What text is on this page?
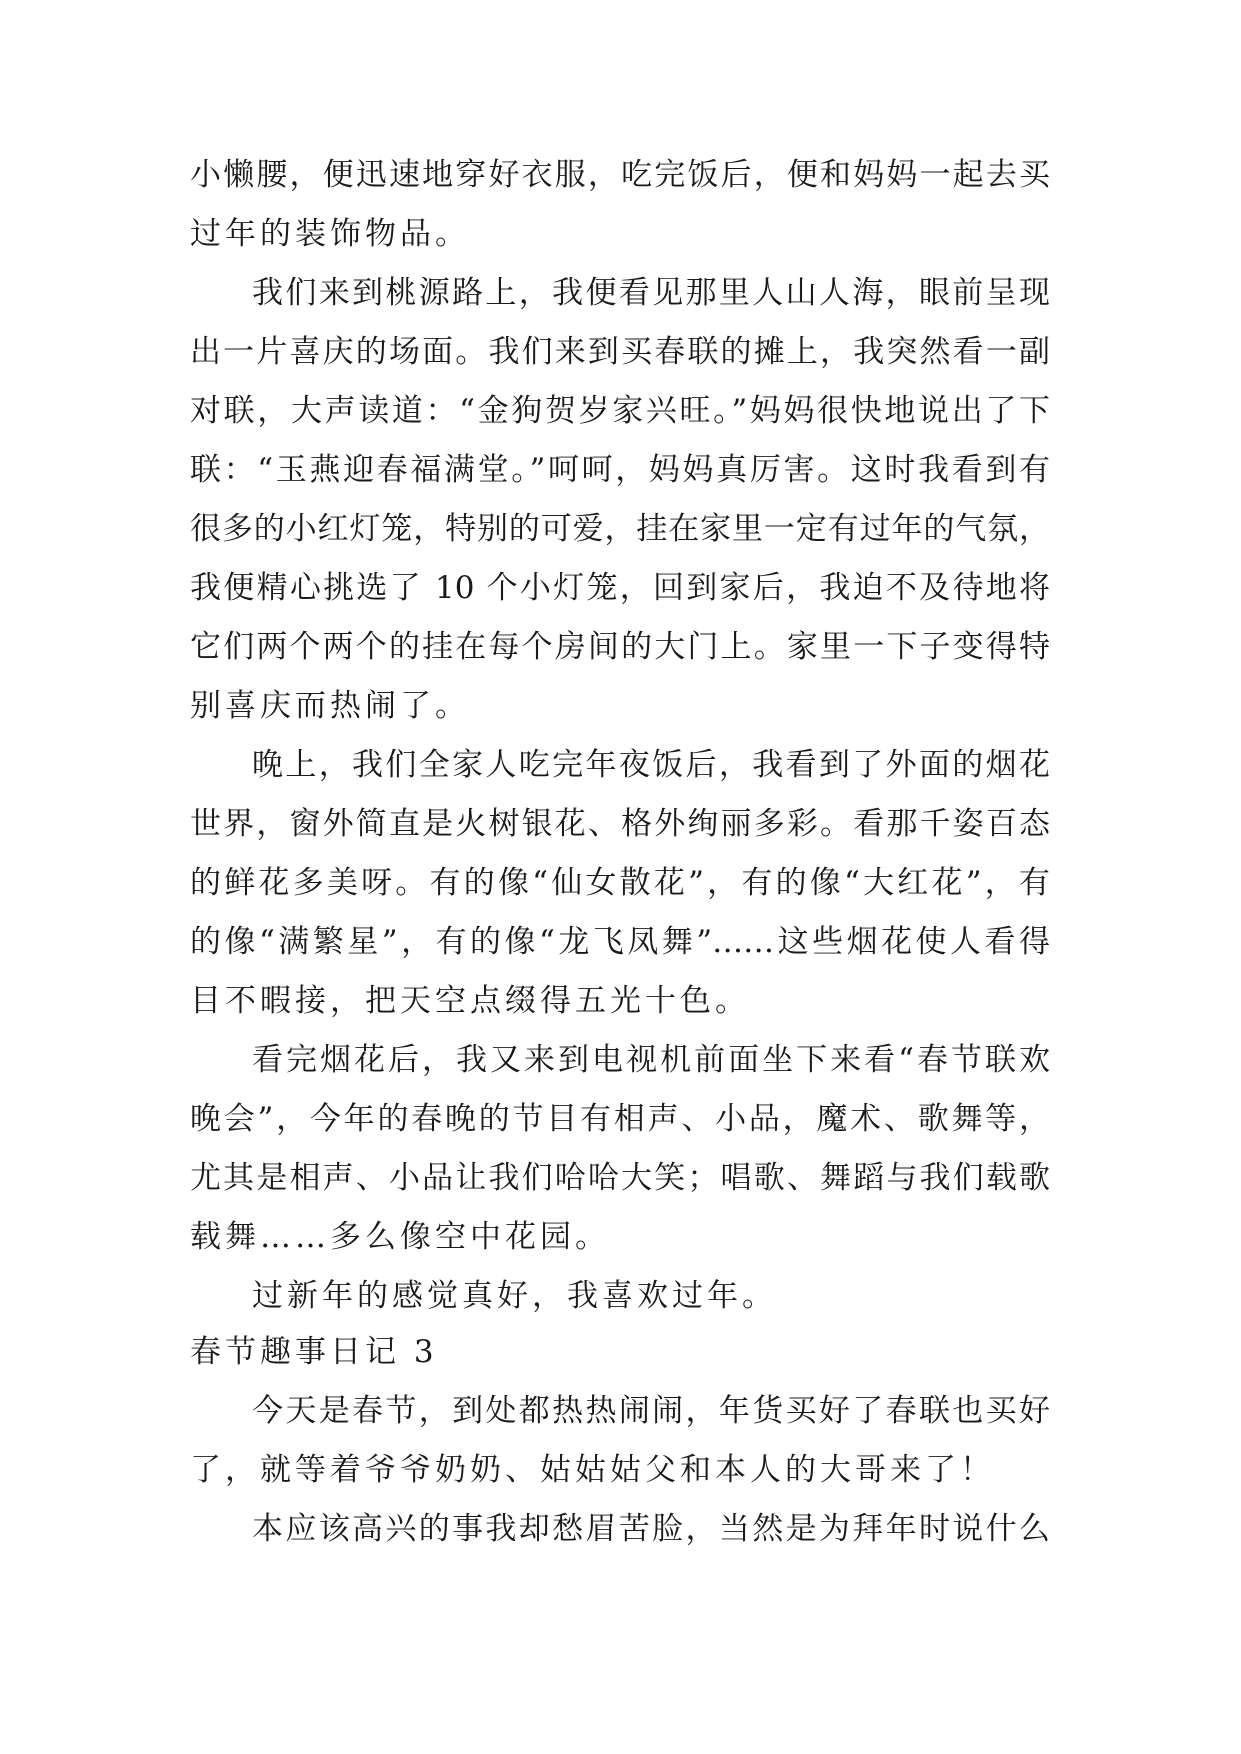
小懒腰，便迅速地穿好衣服，吃完饭后，便和妈妈一起去买
过年的装饰物品。
我们来到桃源路上，我便看见那里人山人海，眼前呈现
出一片喜庆的场面。我们来到买春联的摊上，我突然看一副
对联，大声读道：“金狗贺岁家兴旺。”妈妈很快地说出了下
联：“玉燕迎春福满堂。”呵呵，妈妈真厉害。这时我看到有
很多的小红灯笼，特别的可爱，挂在家里一定有过年的气氛，
我便精心挑选了 10 个小灯笼，回到家后，我迫不及待地将
它们两个两个的挂在每个房间的大门上。家里一下子变得特
别喜庆而热闹了。
晚上，我们全家人吃完年夜饭后，我看到了外面的烟花
世界，窗外简直是火树银花、格外绚丽多彩。看那千姿百态
的鲜花多美呀。有的像“仙女散花”，有的像“大红花”，有
的像“满繁星”，有的像“龙飞凤舞”……这些烟花使人看得
目不暇接，把天空点缀得五光十色。
看完烟花后，我又来到电视机前面坐下来看“春节联欢
晚会”，今年的春晚的节目有相声、小品，魔术、歌舞等，
尤其是相声、小品让我们哈哈大笑；唱歌、舞蹈与我们载歌
载舞……多么像空中花园。
过新年的感觉真好，我喜欢过年。
春节趣事日记 3
今天是春节，到处都热热闹闹，年货买好了春联也买好
了，就等着爷爷奶奶、姑姑姑父和本人的大哥来了！
本应该高兴的事我却愁眉苦脸，当然是为拜年时说什么
